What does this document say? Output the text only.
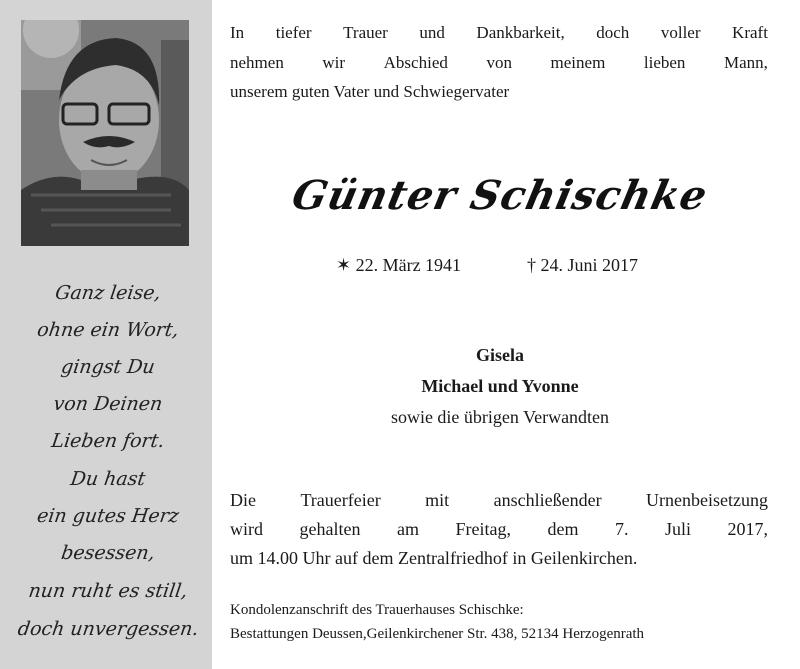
Ganz leise,
ohne ein Wort,
gingst Du
von Deinen
Lieben fort.
Du hast
ein gutes Herz
besessen,
nun ruht es still,
doch unvergessen.
In tiefer Trauer und Dankbarkeit, doch voller Kraft
nehmen wir Abschied von meinem lieben Mann,
unserem guten Vater und Schwiegervater
Günter Schischke
✶ 22. März 1941	† 24. Juni 2017
Gisela
Michael und Yvonne
sowie die übrigen Verwandten
Die Trauerfeier mit anschließender Urnenbeisetzung
wird gehalten am Freitag, dem 7. Juli 2017,
um 14.00 Uhr auf dem Zentralfriedhof in Geilenkirchen.
Kondolenzanschrift des Trauerhauses Schischke:
Bestattungen Deussen,Geilenkirchener Str. 438, 52134 Herzogenrath
